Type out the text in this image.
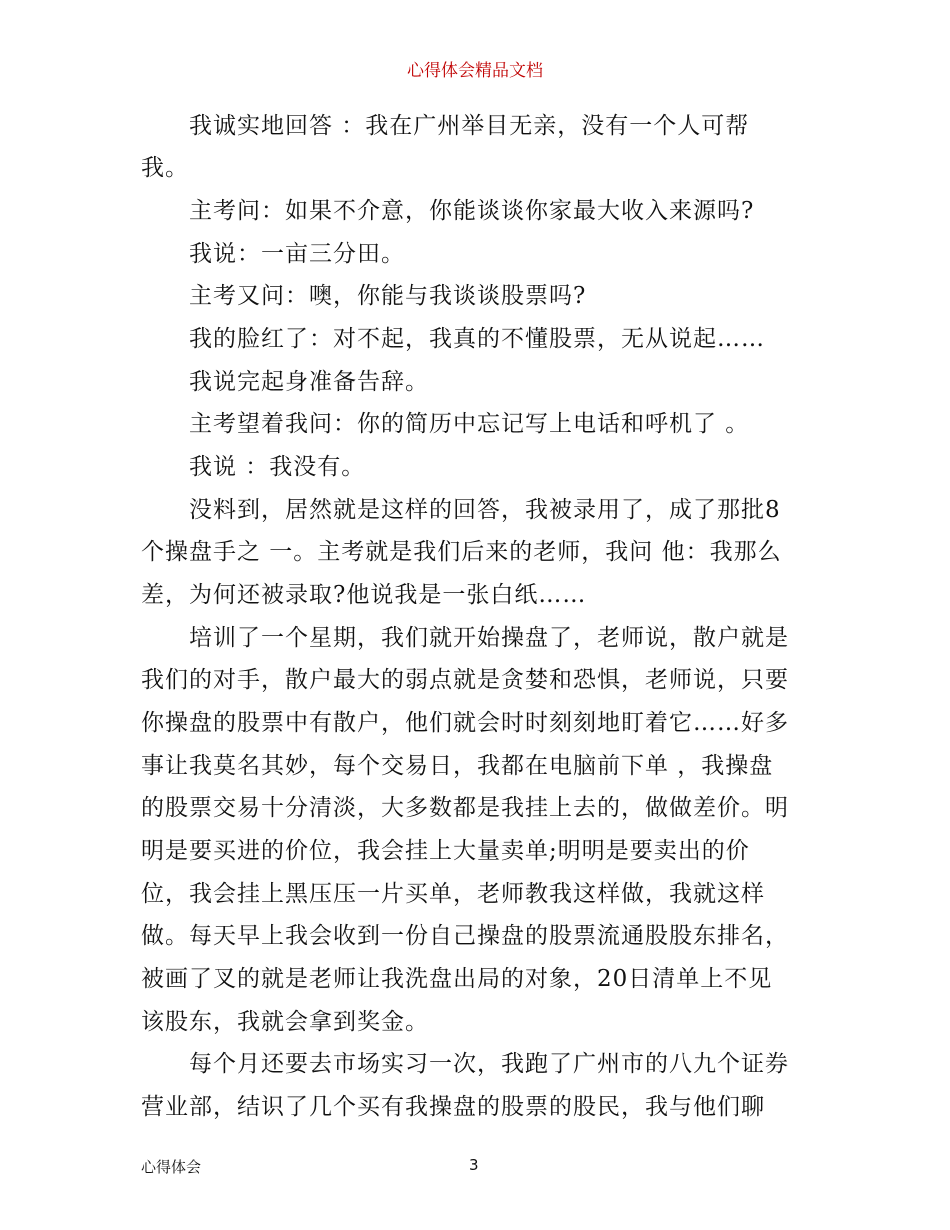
心得体会精品文档
我诚实地回答 ：我在广州举目无亲，没有一个人可帮
我。
主考问：如果不介意，你能谈谈你家最大收入来源吗?
我说：一亩三分田。
主考又问：噢，你能与我谈谈股票吗?
我的脸红了：对不起，我真的不懂股票，无从说起……
我说完起身准备告辞。
主考望着我问：你的简历中忘记写上电话和呼机了 。
我说 ：我没有。
没料到，居然就是这样的回答，我被录用了，成了那批8
个操盘手之 一。主考就是我们后来的老师，我问 他：我那么
差，为何还被录取?他说我是一张白纸……
培训了一个星期，我们就开始操盘了，老师说，散户就是
我们的对手，散户最大的弱点就是贪婪和恐惧，老师说，只要
你操盘的股票中有散户，他们就会时时刻刻地盯着它……好多
事让我莫名其妙，每个交易日，我都在电脑前下单 ，我操盘
的股票交易十分清淡，大多数都是我挂上去的，做做差价。明
明是要买进的价位，我会挂上大量卖单;明明是要卖出的价
位，我会挂上黑压压一片买单，老师教我这样做，我就这样
做。每天早上我会收到一份自己操盘的股票流通股股东排名，
被画了叉的就是老师让我洗盘出局的对象，20日清单上不见
该股东，我就会拿到奖金。
每个月还要去市场实习一次，我跑了广州市的八九个证券
营业部，结识了几个买有我操盘的股票的股民，我与他们聊
心得体会	3
